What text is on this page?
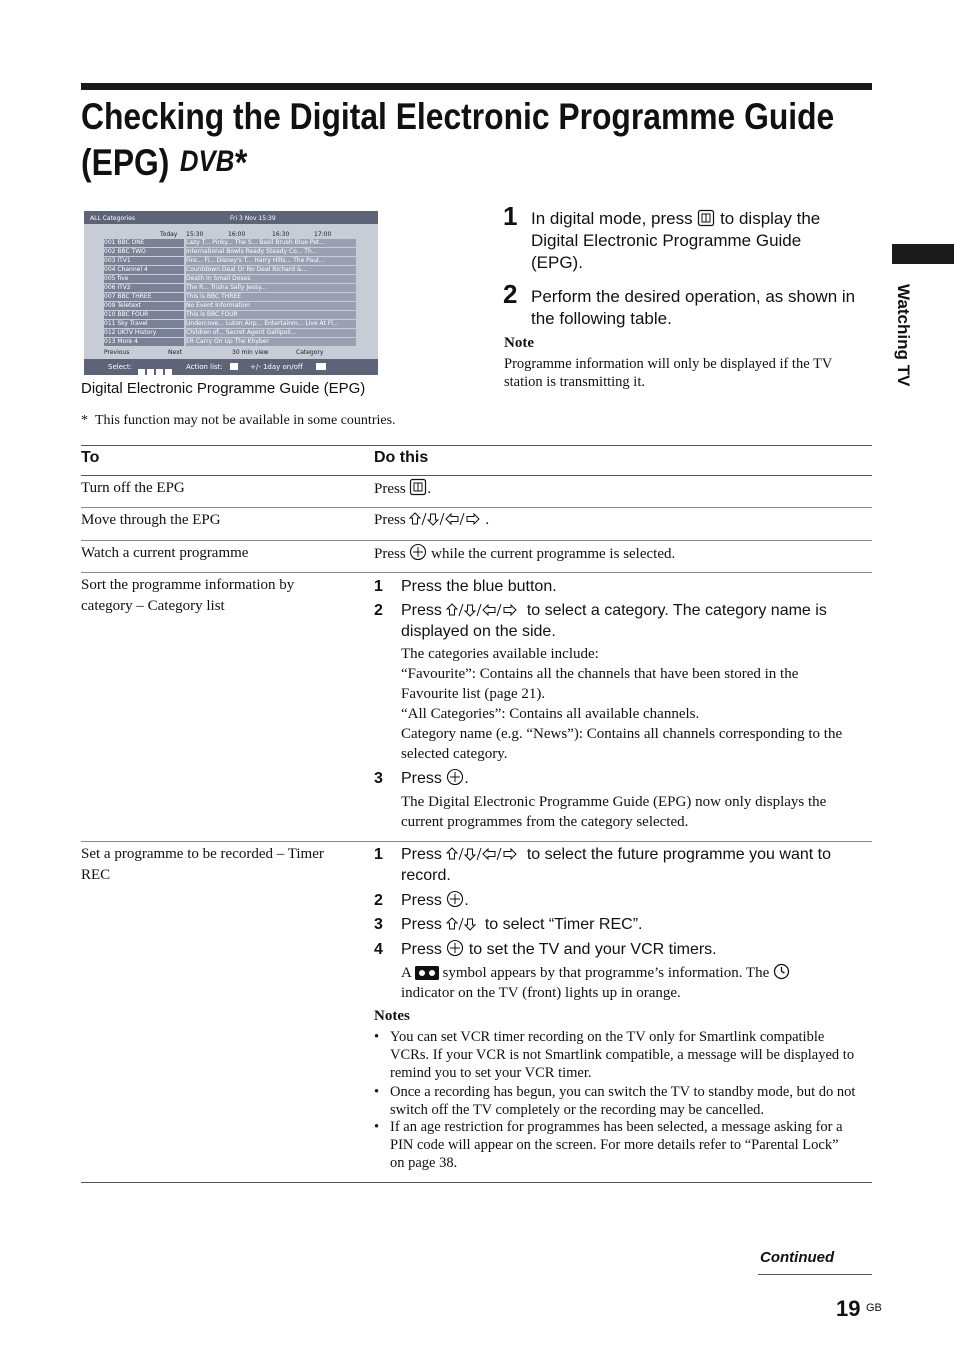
Checking the Digital Electronic Programme Guide
(EPG) DVB *
Watching TV
ALL Categories	Fri 3 Nov 15:39
Today 15:30	16:00	16:30	17:00
001 BBC ONE	Lazy T... Pinky... The S... Basil Brush Blue Pet...
002 BBC TWO	International Bowls Ready Steady Co... Th...
003 ITV1	Fire... Fi... Disney's T... Harry Hills... The Paul...
004 Channel 4	Countdown Deal Or No Deal Richard &...
005 five	Death In Small Doses
006 ITV2	The R... Trisha Sally Jessy...
007 BBC THREE	This is BBC THREE
009 Teletext	No Event Information
010 BBC FOUR	This is BBC FOUR
011 Sky Travel	Undercove... Luton Airp... Entertainm... Live At Fl...
012 UKTV History	Children of... Secret Agent Gallipoli...
013 More 4	ER Carry On Up The Khyber
Previous	Next	30 min view	Category
Select:	Action list:	+/- 1day on/off
Digital Electronic Programme Guide (EPG)
* This function may not be available in some countries.
1 In digital mode, press to display the
Digital Electronic Programme Guide
(EPG).
2 Perform the desired operation, as shown in
the following table.
Note
Programme information will only be displayed if the TV
station is transmitting it.
To	Do this
Turn off the EPG	Press .
Move through the EPG	Press	.
Watch a current programme	Press while the current programme is selected.
Sort the programme information by
category – Category list
1 Press the blue button.
2 Press	to select a category. The category name is
displayed on the side.
The categories available include:
“Favourite”: Contains all the channels that have been stored in the
Favourite list (page 21).
“All Categories”: Contains all available channels.
Category name (e.g. “News”): Contains all channels corresponding to the
selected category.
3 Press .
The Digital Electronic Programme Guide (EPG) now only displays the
current programmes from the category selected.
Set a programme to be recorded – Timer
REC
1 Press	to select the future programme you want to
record.
2 Press .
3 Press	to select “Timer REC”.
4 Press to set the TV and your VCR timers.
A symbol appears by that programme’s information. The
indicator on the TV (front) lights up in orange.
Notes
• You can set VCR timer recording on the TV only for Smartlink compatible
VCRs. If your VCR is not Smartlink compatible, a message will be displayed to
remind you to set your VCR timer.
• Once a recording has begun, you can switch the TV to standby mode, but do not
switch off the TV completely or the recording may be cancelled.
• If an age restriction for programmes has been selected, a message asking for a
PIN code will appear on the screen. For more details refer to “Parental Lock”
on page 38.
Continued
19 GB
